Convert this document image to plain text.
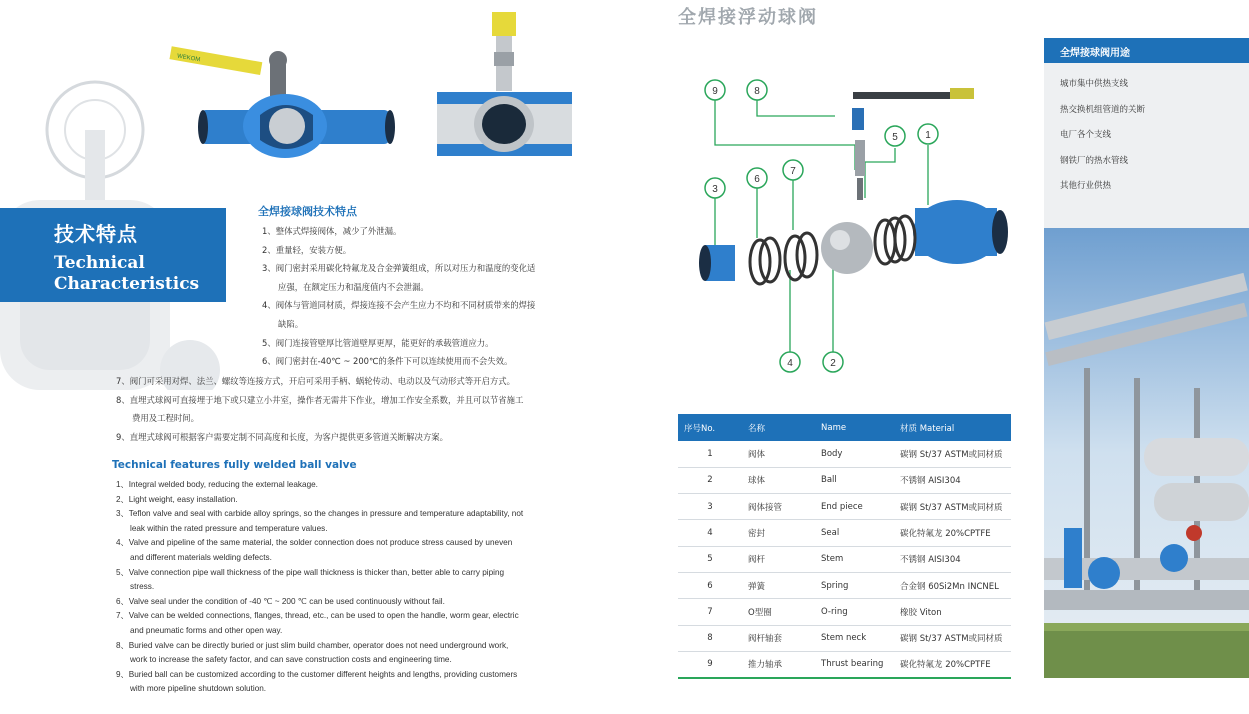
WEKOM
技术特点
Technical
Characteristics
全焊接球阀技术特点
1、整体式焊接阀体，减少了外泄漏。
2、重量轻，安装方便。
3、阀门密封采用碳化特氟龙及合金弹簧组成，所以对压力和温度的变化适
应强，在额定压力和温度值内不会泄漏。
4、阀体与管道同材质，焊接连接不会产生应力不均和不同材质带来的焊接
缺陷。
5、阀门连接管壁厚比管道壁厚更厚，能更好的承载管道应力。
6、阀门密封在-40℃ ~ 200℃的条件下可以连续使用而不会失效。
7、阀门可采用对焊、法兰、螺纹等连接方式，开启可采用手柄、蜗轮传动、电动以及气动形式等开启方式。
8、直埋式球阀可直接埋于地下或只建立小井室，操作者无需井下作业，增加工作安全系数，并且可以节省施工
费用及工程时间。
9、直埋式球阀可根据客户需要定制不同高度和长度，为客户提供更多管道关断解决方案。
Technical features fully welded ball valve
1、Integral welded body, reducing the external leakage.
2、Light weight, easy installation.
3、Teflon valve and seal with carbide alloy springs, so the changes in pressure and temperature adaptability, not
leak within the rated pressure and temperature values.
4、Valve and pipeline of the same material, the solder connection does not produce stress caused by uneven
and different materials welding defects.
5、Valve connection pipe wall thickness of the pipe wall thickness is thicker than, better able to carry piping
stress.
6、Valve seal under the condition of -40 ℃ ~ 200 ℃ can be used continuously without fail.
7、Valve can be welded connections, flanges, thread, etc., can be used to open the handle, worm gear, electric
and pneumatic forms and other open way.
8、Buried valve can be directly buried or just slim build chamber, operator does not need underground work,
work to increase the safety factor, and can save construction costs and engineering time.
9、Buried ball can be customized according to the customer different heights and lengths, providing customers
with more pipeline shutdown solution.
全焊接浮动球阀
9	8
5	1
3
6
7
4	2
序号No.	名称	Name	材质 Material
1	阀体	Body	碳钢 St/37 ASTM或同材质
2	球体	Ball	不锈钢 AISI304
3	阀体接管	End piece	碳钢 St/37 ASTM或同材质
4	密封	Seal	碳化特氟龙 20%CPTFE
5	阀杆	Stem	不锈钢 AISI304
6	弹簧	Spring	合金钢 60Si2Mn INCNEL
7	O型圈	O-ring	橡胶 Viton
8	阀杆轴套	Stem neck	碳钢 St/37 ASTM或同材质
9	推力轴承	Thrust bearing	碳化特氟龙 20%CPTFE
全焊接球阀用途
城市集中供热支线
热交换机组管道的关断
电厂各个支线
钢铁厂的热水管线
其他行业供热
